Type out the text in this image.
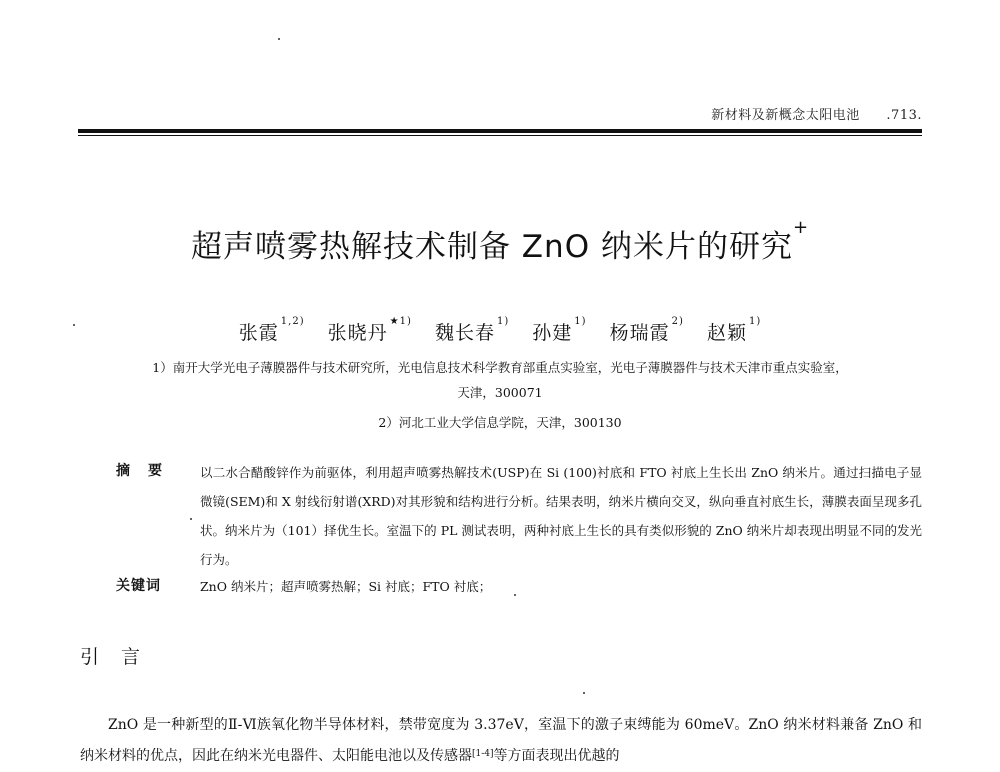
新材料及新概念太阳电池 .713.
超声喷雾热解技术制备 ZnO 纳米片的研究+
张霞$^{1,2)}$ 张晓丹$^{★1)}$ 魏长春$^{1)}$ 孙建$^{1)}$ 杨瑞霞$^{2)}$ 赵颖$^{1)}$
1）南开大学光电子薄膜器件与技术研究所，光电信息技术科学教育部重点实验室，光电子薄膜器件与技术天津市重点实验室，
天津，300071
2）河北工业大学信息学院，天津，300130
摘要 以二水合醋酸锌作为前驱体，利用超声喷雾热解技术(USP)在 Si (100)衬底和 FTO 衬底上生长出 ZnO 纳米片。通过扫描电子显微镜(SEM)和 X 射线衍射谱(XRD)对其形貌和结构进行分析。结果表明，纳米片横向交叉，纵向垂直衬底生长，薄膜表面呈现多孔状。纳米片为（101）择优生长。室温下的 PL 测试表明，两种衬底上生长的具有类似形貌的 ZnO 纳米片却表现出明显不同的发光行为。
关键词	ZnO 纳米片；超声喷雾热解；Si 衬底；FTO 衬底；
引言
ZnO 是一种新型的Ⅱ-Ⅵ族氧化物半导体材料，禁带宽度为 3.37eV，室温下的激子束缚能为 60meV。ZnO 纳米材料兼备 ZnO 和纳米材料的优点，因此在纳米光电器件、太阳能电池以及传感器[1-4]等方面表现出优越的
